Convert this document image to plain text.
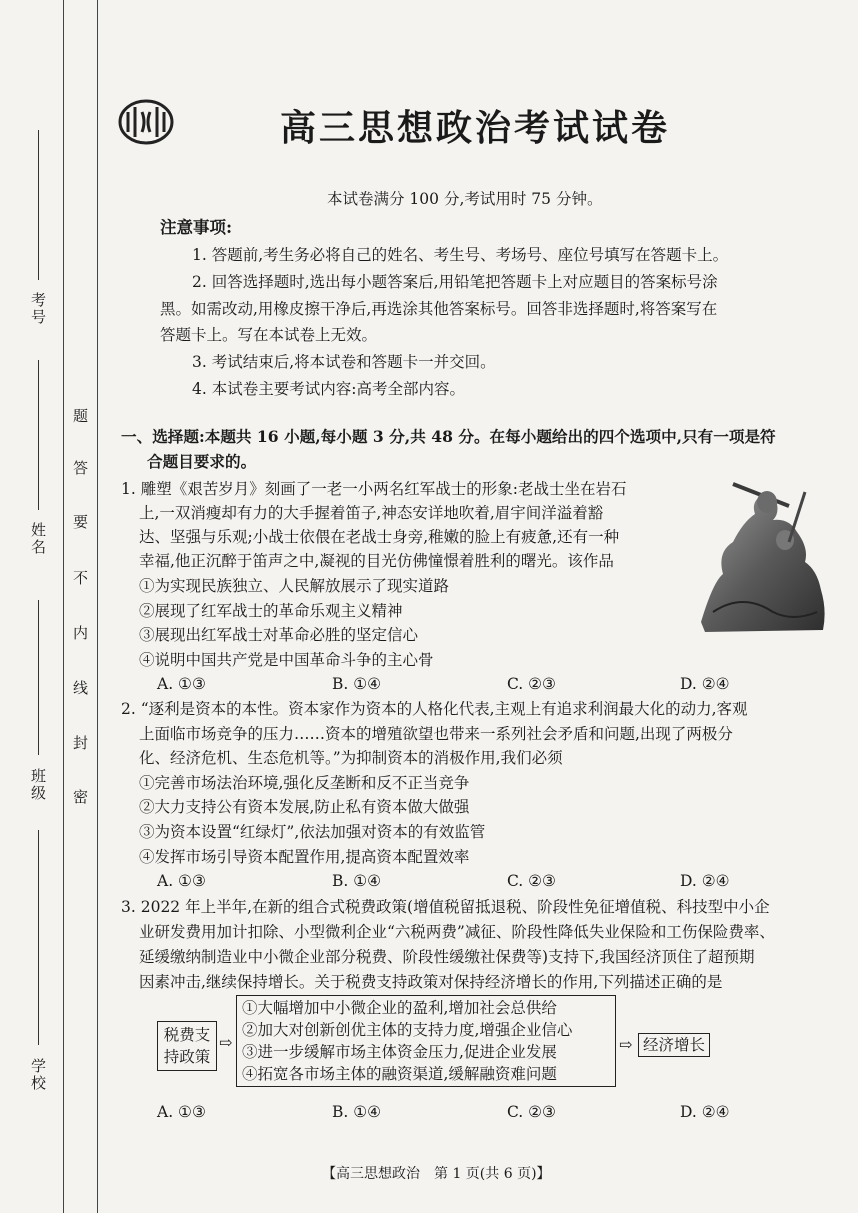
考号
姓名
班级
学校
题
答
要
不
内
线
封
密
高三思想政治考试试卷
本试卷满分 100 分,考试用时 75 分钟。
注意事项:
1. 答题前,考生务必将自己的姓名、考生号、考场号、座位号填写在答题卡上。
2. 回答选择题时,选出每小题答案后,用铅笔把答题卡上对应题目的答案标号涂
黑。如需改动,用橡皮擦干净后,再选涂其他答案标号。回答非选择题时,将答案写在
答题卡上。写在本试卷上无效。
3. 考试结束后,将本试卷和答题卡一并交回。
4. 本试卷主要考试内容:高考全部内容。
一、选择题:本题共 16 小题,每小题 3 分,共 48 分。在每小题给出的四个选项中,只有一项是符
合题目要求的。
1. 雕塑《艰苦岁月》刻画了一老一小两名红军战士的形象:老战士坐在岩石
上,一双消瘦却有力的大手握着笛子,神态安详地吹着,眉宇间洋溢着豁
达、坚强与乐观;小战士依偎在老战士身旁,稚嫩的脸上有疲惫,还有一种
幸福,他正沉醉于笛声之中,凝视的目光仿佛憧憬着胜利的曙光。该作品
①为实现民族独立、人民解放展示了现实道路
②展现了红军战士的革命乐观主义精神
③展现出红军战士对革命必胜的坚定信心
④说明中国共产党是中国革命斗争的主心骨
A. ①③	B. ①④	C. ②③	D. ②④
2. “逐利是资本的本性。资本家作为资本的人格化代表,主观上有追求利润最大化的动力,客观
上面临市场竞争的压力……资本的增殖欲望也带来一系列社会矛盾和问题,出现了两极分
化、经济危机、生态危机等。”为抑制资本的消极作用,我们必须
①完善市场法治环境,强化反垄断和反不正当竞争
②大力支持公有资本发展,防止私有资本做大做强
③为资本设置“红绿灯”,依法加强对资本的有效监管
④发挥市场引导资本配置作用,提高资本配置效率
A. ①③	B. ①④	C. ②③	D. ②④
3. 2022 年上半年,在新的组合式税费政策(增值税留抵退税、阶段性免征增值税、科技型中小企
业研发费用加计扣除、小型微利企业“六税两费”减征、阶段性降低失业保险和工伤保险费率、
延缓缴纳制造业中小微企业部分税费、阶段性缓缴社保费等)支持下,我国经济顶住了超预期
因素冲击,继续保持增长。关于税费支持政策对保持经济增长的作用,下列描述正确的是
税费支
持政策
⇨
①大幅增加中小微企业的盈利,增加社会总供给
②加大对创新创优主体的支持力度,增强企业信心
③进一步缓解市场主体资金压力,促进企业发展
④拓宽各市场主体的融资渠道,缓解融资难问题
⇨ 经济增长
A. ①③	B. ①④	C. ②③	D. ②④
【高三思想政治　第 1 页(共 6 页)】
